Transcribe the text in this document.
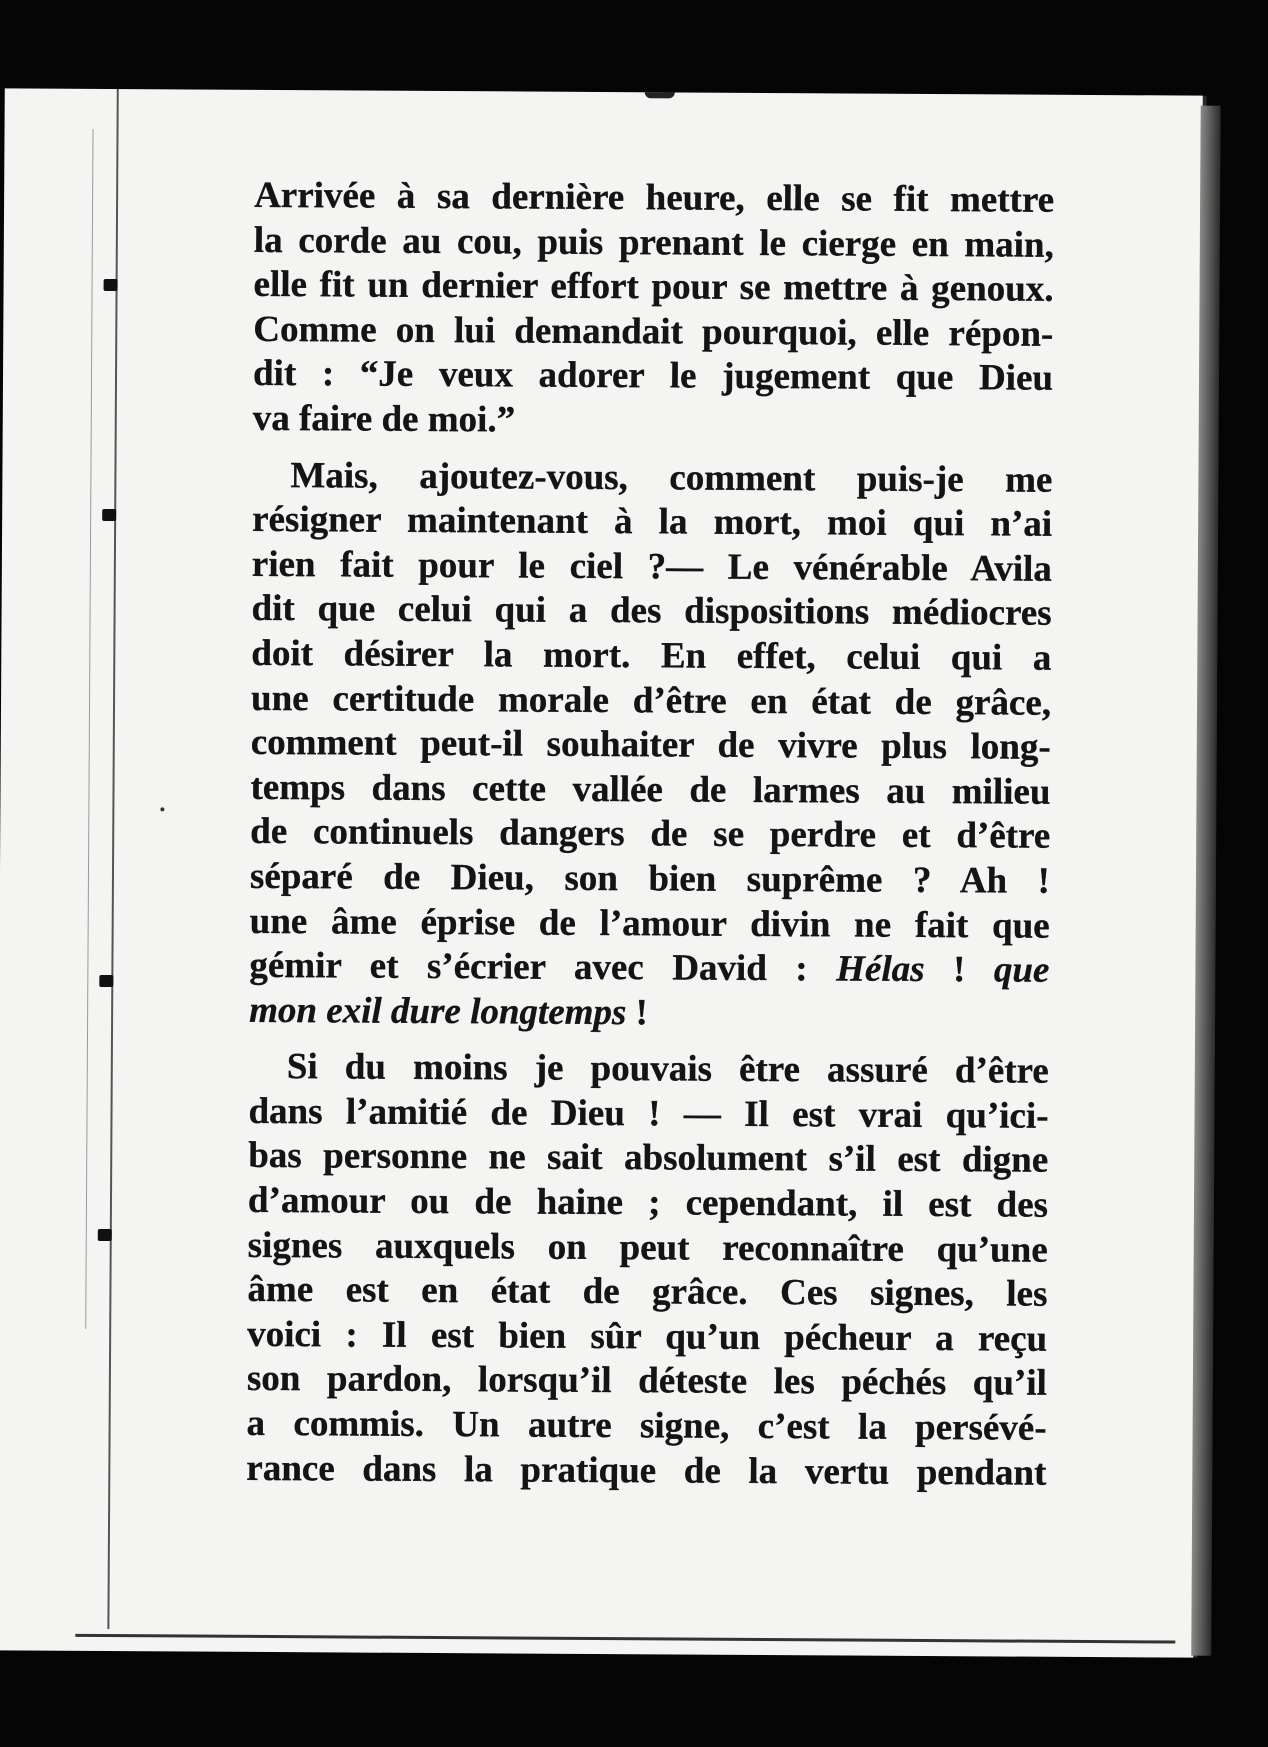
Arrivée à sa dernière heure, elle se fit mettre
la corde au cou, puis prenant le cierge en main,
elle fit un dernier effort pour se mettre à genoux.
Comme on lui demandait pourquoi, elle répon-
dit : “Je veux adorer le jugement que Dieu
va faire de moi.”

Mais, ajoutez-vous, comment puis-je me
résigner maintenant à la mort, moi qui n’ai
rien fait pour le ciel ?— Le vénérable Avila
dit que celui qui a des dispositions médiocres
doit désirer la mort. En effet, celui qui a
une certitude morale d’être en état de grâce,
comment peut-il souhaiter de vivre plus long-
temps dans cette vallée de larmes au milieu
de continuels dangers de se perdre et d’être
séparé de Dieu, son bien suprême ? Ah !
une âme éprise de l’amour divin ne fait que
gémir et s’écrier avec David : Hélas ! que
mon exil dure longtemps !

Si du moins je pouvais être assuré d’être
dans l’amitié de Dieu ! — Il est vrai qu’ici-
bas personne ne sait absolument s’il est digne
d’amour ou de haine ; cependant, il est des
signes auxquels on peut reconnaître qu’une
âme est en état de grâce. Ces signes, les
voici : Il est bien sûr qu’un pécheur a reçu
son pardon, lorsqu’il déteste les péchés qu’il
a commis. Un autre signe, c’est la persévé-
rance dans la pratique de la vertu pendant
